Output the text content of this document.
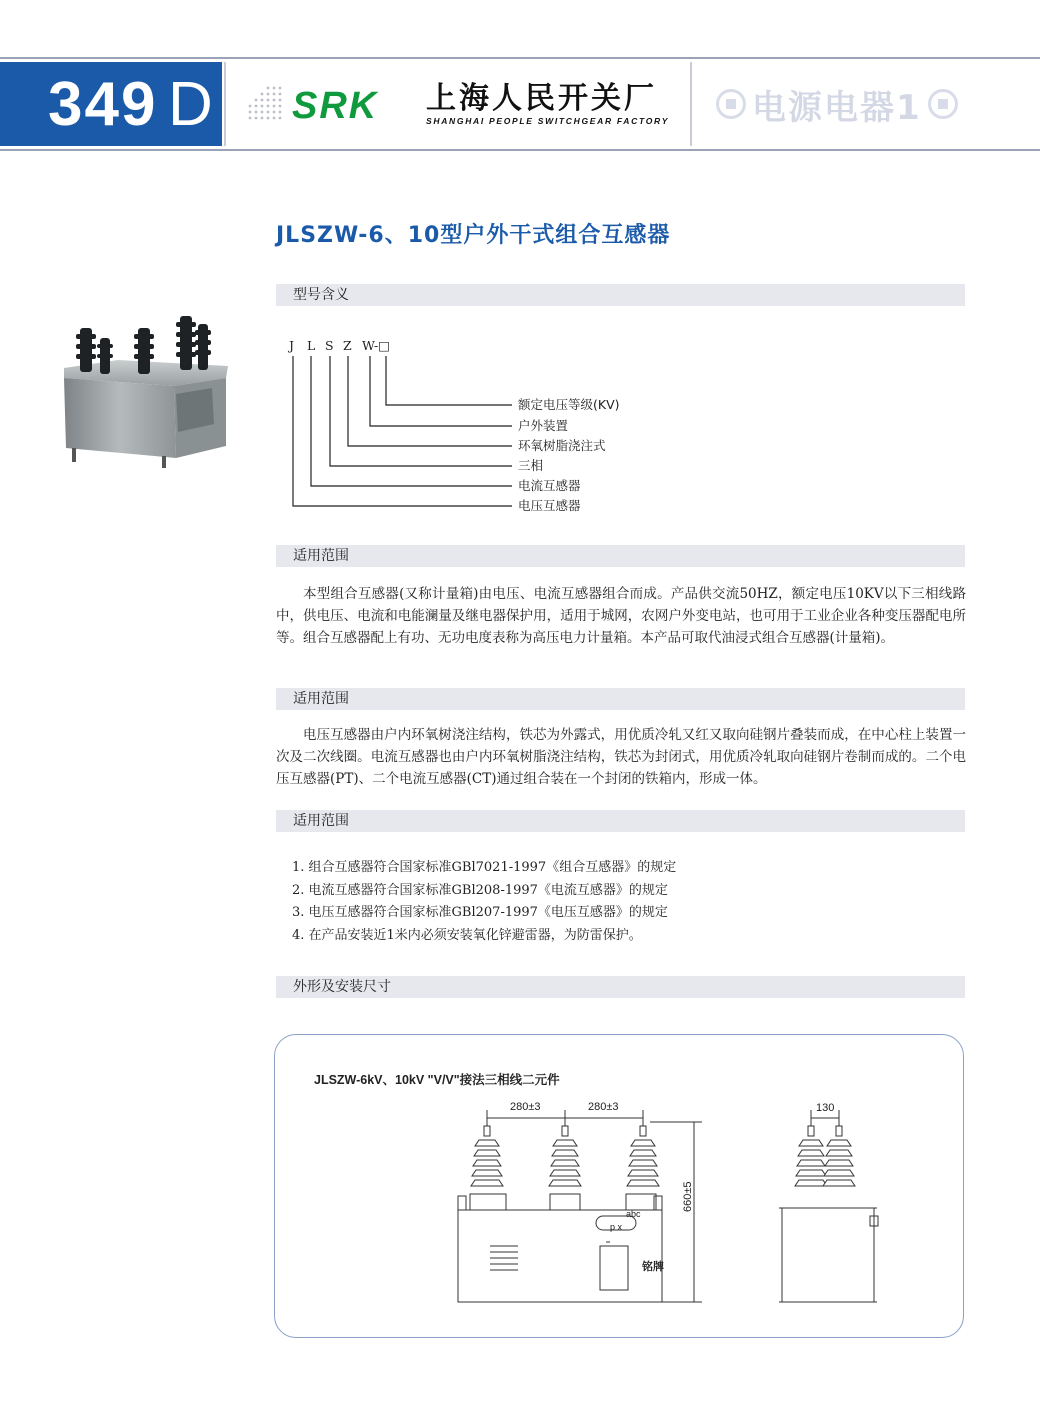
349 D SRK 上海人民开关厂
SHANGHAI PEOPLE SWITCHGEAR FACTORY 电源电器1
JLSZW-6、10型户外干式组合互感器
型号含义
J L S Z W-□
额定电压等级(KV)
户外装置
环氧树脂浇注式
三相
电流互感器
电压互感器
适用范围

本型组合互感器(又称计量箱)由电压、电流互感器组合而成。产品供交流50HZ，额定电压10KV以下三相线路中，供电压、电流和电能澜量及继电器保护用，适用于城网，农网户外变电站，也可用于工业企业各种变压器配电所等。组合互感器配上有功、无功电度表称为高压电力计量箱。本产品可取代油浸式组合互感器(计量箱)。

适用范围

电压互感器由户内环氧树浇注结构，铁芯为外露式，用优质冷轧又红又取向硅钢片叠装而成，在中心柱上装置一次及二次线圈。电流互感器也由户内环氧树脂浇注结构，铁芯为封闭式，用优质冷轧取向硅钢片卷制而成的。二个电压互感器(PT)、二个电流互感器(CT)通过组合装在一个封闭的铁箱内，形成一体。

适用范围
1. 组合互感器符合国家标准GBl7021-1997《组合互感器》的规定
2. 电流互感器符合国家标准GBl208-1997《电流互感器》的规定
3. 电压互感器符合国家标准GBl207-1997《电压互感器》的规定
4. 在产品安装近1米内必须安装氧化锌避雷器，为防雷保护。
外形及安装尺寸
JLSZW-6kV、10kV "V/V"接法三相线二元件
280±3	280±3
660±5
130
abc
p x
铭牌
